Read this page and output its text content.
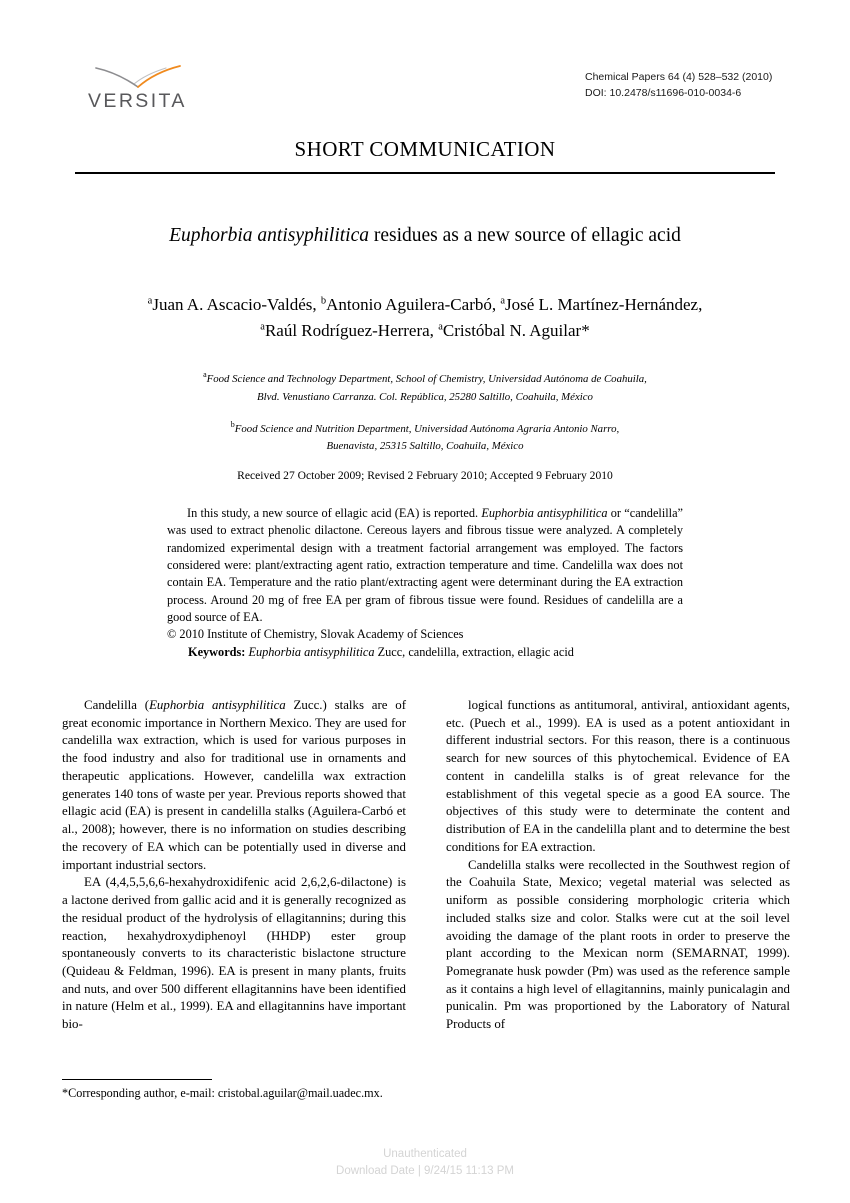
VERSITA
Chemical Papers 64 (4) 528–532 (2010)
DOI: 10.2478/s11696-010-0034-6
SHORT COMMUNICATION
Euphorbia antisyphilitica residues as a new source of ellagic acid
$^a$Juan A. Ascacio-Valdés, $^b$Antonio Aguilera-Carbó, $^a$José L. Martínez-Hernández,
$^a$Raúl Rodríguez-Herrera, $^a$Cristóbal N. Aguilar*
$^a$Food Science and Technology Department, School of Chemistry, Universidad Autónoma de Coahuila,
Blvd. Venustiano Carranza. Col. República, 25280 Saltillo, Coahuila, México
$^b$Food Science and Nutrition Department, Universidad Autónoma Agraria Antonio Narro,
Buenavista, 25315 Saltillo, Coahuila, México
Received 27 October 2009; Revised 2 February 2010; Accepted 9 February 2010

In this study, a new source of ellagic acid (EA) is reported. Euphorbia antisyphilitica or “candelilla” was used to extract phenolic dilactone. Cereous layers and fibrous tissue were analyzed. A completely randomized experimental design with a treatment factorial arrangement was employed. The factors considered were: plant/extracting agent ratio, extraction temperature and time. Candelilla wax does not contain EA. Temperature and the ratio plant/extracting agent were determinant during the EA extraction process. Around 20 mg of free EA per gram of fibrous tissue were found. Residues of candelilla are a good source of EA.

© 2010 Institute of Chemistry, Slovak Academy of Sciences

Keywords: Euphorbia antisyphilitica Zucc, candelilla, extraction, ellagic acid

Candelilla (Euphorbia antisyphilitica Zucc.) stalks are of great economic importance in Northern Mexico. They are used for candelilla wax extraction, which is used for various purposes in the food industry and also for traditional use in ornaments and therapeutic applications. However, candelilla wax extraction generates 140 tons of waste per year. Previous reports showed that ellagic acid (EA) is present in candelilla stalks (Aguilera-Carbó et al., 2008); however, there is no information on studies describing the recovery of EA which can be potentially used in diverse and important industrial sectors.

EA (4,4,5,5,6,6-hexahydroxidifenic acid 2,6,2,6-dilactone) is a lactone derived from gallic acid and it is generally recognized as the residual product of the hydrolysis of ellagitannins; during this reaction, hexahydroxydiphenoyl (HHDP) ester group spontaneously converts to its characteristic bislactone structure (Quideau & Feldman, 1996). EA is present in many plants, fruits and nuts, and over 500 different ellagitannins have been identified in nature (Helm et al., 1999). EA and ellagitannins have important bio-

logical functions as antitumoral, antiviral, antioxidant agents, etc. (Puech et al., 1999). EA is used as a potent antioxidant in different industrial sectors. For this reason, there is a continuous search for new sources of this phytochemical. Evidence of EA content in candelilla stalks is of great relevance for the establishment of this vegetal specie as a good EA source. The objectives of this study were to determinate the content and distribution of EA in the candelilla plant and to determine the best conditions for EA extraction.

Candelilla stalks were recollected in the Southwest region of the Coahuila State, Mexico; vegetal material was selected as uniform as possible considering morphologic criteria which included stalks size and color. Stalks were cut at the soil level avoiding the damage of the plant roots in order to preserve the plant according to the Mexican norm (SEMARNAT, 1999). Pomegranate husk powder (Pm) was used as the reference sample as it contains a high level of ellagitannins, mainly punicalagin and punicalin. Pm was proportioned by the Laboratory of Natural Products of

*Corresponding author, e-mail: cristobal.aguilar@mail.uadec.mx.
Unauthenticated
Download Date | 9/24/15 11:13 PM
